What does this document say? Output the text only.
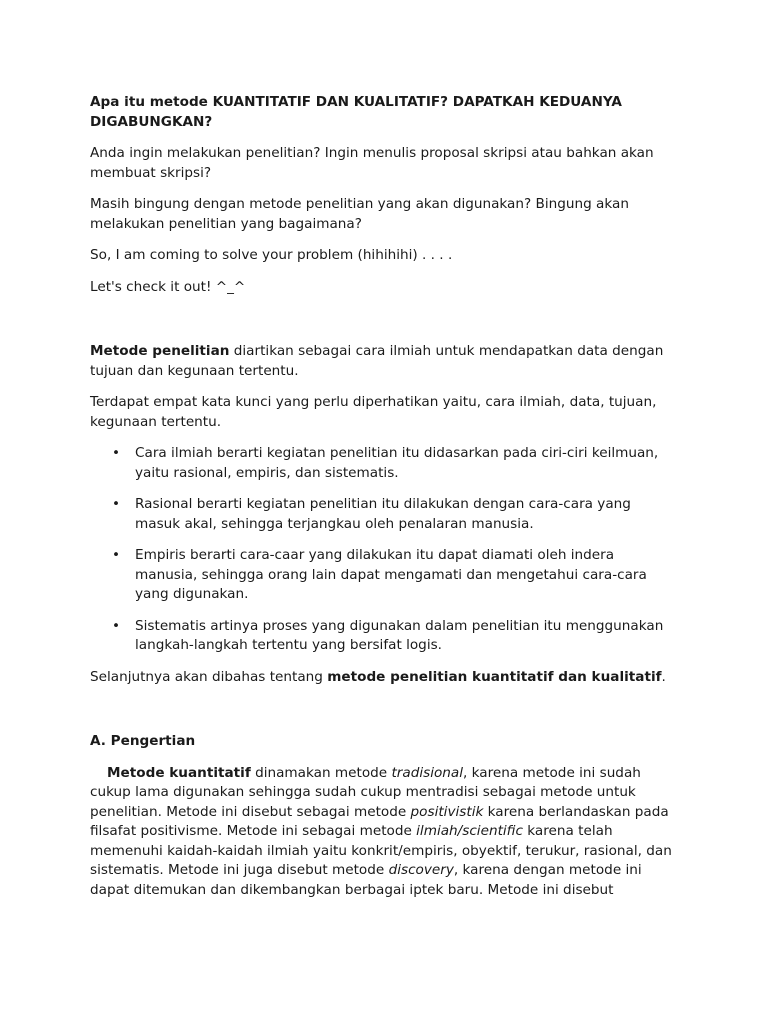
Apa itu metode KUANTITATIF DAN KUALITATIF? DAPATKAH KEDUANYA DIGABUNGKAN?

Anda ingin melakukan penelitian? Ingin menulis proposal skripsi atau bahkan akan membuat skripsi?

Masih bingung dengan metode penelitian yang akan digunakan? Bingung akan melakukan penelitian yang bagaimana?

So, I am coming to solve your problem (hihihihi) . . . .

Let's check it out! ^_^

Metode penelitian diartikan sebagai cara ilmiah untuk mendapatkan data dengan tujuan dan kegunaan tertentu.

Terdapat empat kata kunci yang perlu diperhatikan yaitu, cara ilmiah, data, tujuan, kegunaan tertentu.

• Cara ilmiah berarti kegiatan penelitian itu didasarkan pada ciri-ciri keilmuan, yaitu rasional, empiris, dan sistematis.
• Rasional berarti kegiatan penelitian itu dilakukan dengan cara-cara yang masuk akal, sehingga terjangkau oleh penalaran manusia.
• Empiris berarti cara-caar yang dilakukan itu dapat diamati oleh indera manusia, sehingga orang lain dapat mengamati dan mengetahui cara-cara yang digunakan.
• Sistematis artinya proses yang digunakan dalam penelitian itu menggunakan langkah-langkah tertentu yang bersifat logis.

Selanjutnya akan dibahas tentang metode penelitian kuantitatif dan kualitatif.

A. Pengertian

Metode kuantitatif dinamakan metode tradisional, karena metode ini sudah cukup lama digunakan sehingga sudah cukup mentradisi sebagai metode untuk penelitian. Metode ini disebut sebagai metode positivistik karena berlandaskan pada filsafat positivisme. Metode ini sebagai metode ilmiah/scientific karena telah memenuhi kaidah-kaidah ilmiah yaitu konkrit/empiris, obyektif, terukur, rasional, dan sistematis. Metode ini juga disebut metode discovery, karena dengan metode ini dapat ditemukan dan dikembangkan berbagai iptek baru. Metode ini disebut
